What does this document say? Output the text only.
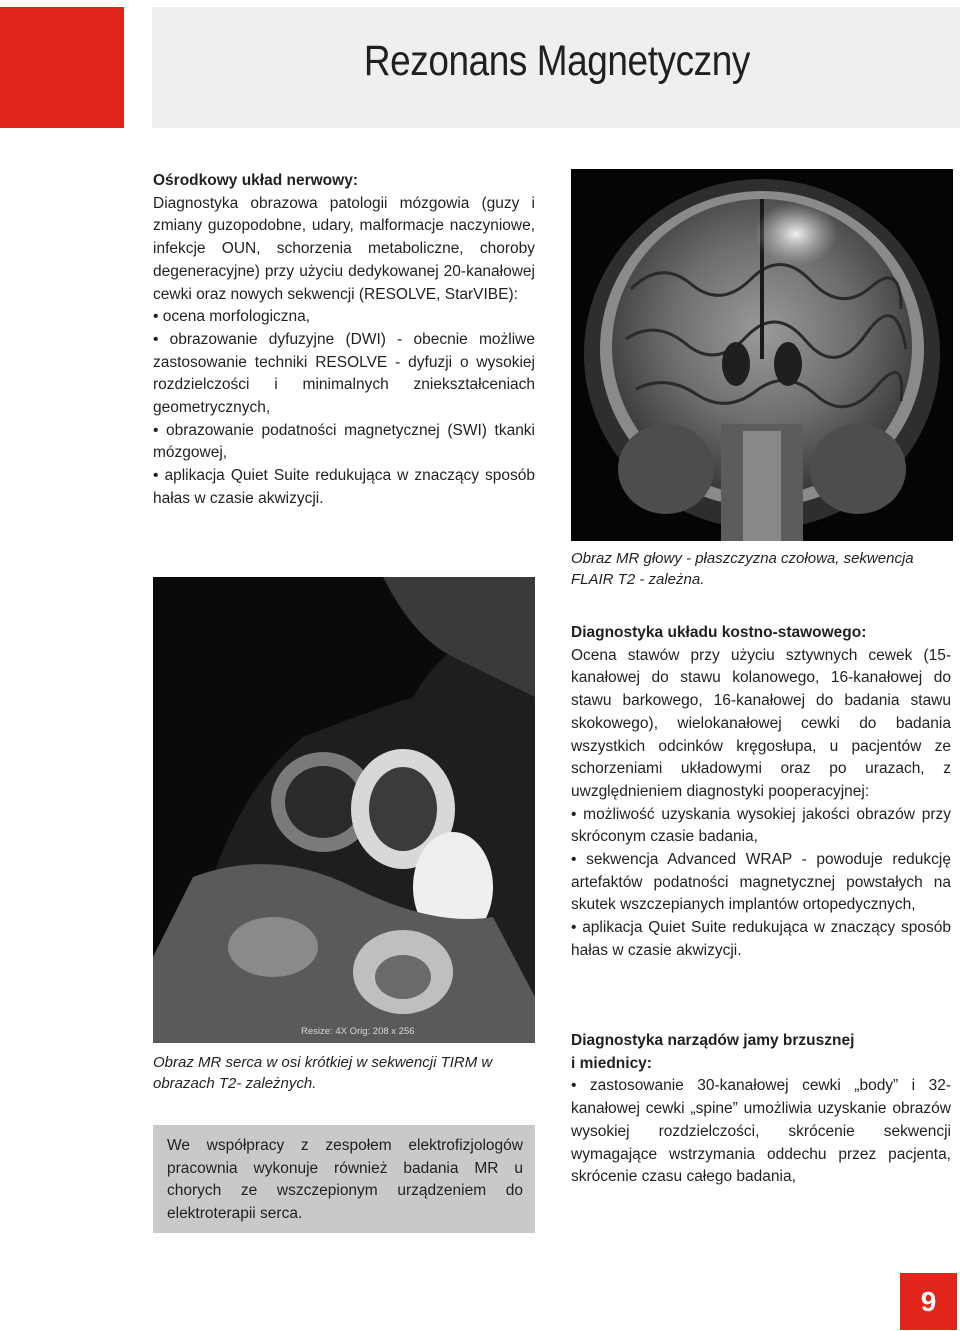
Rezonans Magnetyczny

Ośrodkowy układ nerwowy:

Diagnostyka obrazowa patologii mózgowia (guzy i zmiany guzopodobne, udary, malformacje naczyniowe, infekcje OUN, schorzenia metaboliczne, choroby degeneracyjne) przy użyciu dedykowanej 20-kanałowej cewki oraz nowych sekwencji (RESOLVE, StarVIBE):

• ocena morfologiczna,
• obrazowanie dyfuzyjne (DWI) - obecnie możliwe zastosowanie techniki RESOLVE - dyfuzji o wysokiej rozdzielczości i minimalnych zniekształceniach geometrycznych,
• obrazowanie podatności magnetycznej (SWI) tkanki mózgowej,
• aplikacja Quiet Suite redukująca w znaczący sposób hałas w czasie akwizycji.
Obraz MR głowy - płaszczyzna czołowa, sekwencja FLAIR T2 - zależna.
Resize: 4X Orig: 208 x 256
Obraz MR serca w osi krótkiej w sekwencji TIRM w obrazach T2- zależnych.
We współpracy z zespołem elektrofizjologów pracownia wykonuje również badania MR u chorych ze wszczepionym urządzeniem do elektroterapii serca.

Diagnostyka układu kostno-stawowego:

Ocena stawów przy użyciu sztywnych cewek (15-kanałowej do stawu kolanowego, 16-kanałowej do stawu barkowego, 16-kanałowej do badania stawu skokowego), wielokanałowej cewki do badania wszystkich odcinków kręgosłupa, u pacjentów ze schorzeniami układowymi oraz po urazach, z uwzględnieniem diagnostyki pooperacyjnej:

• możliwość uzyskania wysokiej jakości obrazów przy skróconym czasie badania,
• sekwencja Advanced WRAP - powoduje redukcję artefaktów podatności magnetycznej powstałych na skutek wszczepianych implantów ortopedycznych,
• aplikacja Quiet Suite redukująca w znaczący sposób hałas w czasie akwizycji.

Diagnostyka narządów jamy brzusznej

i miednicy:

• zastosowanie 30-kanałowej cewki „body” i 32-kanałowej cewki „spine” umożliwia uzyskanie obrazów wysokiej rozdzielczości, skrócenie sekwencji wymagające wstrzymania oddechu przez pacjenta, skrócenie czasu całego badania,
9
